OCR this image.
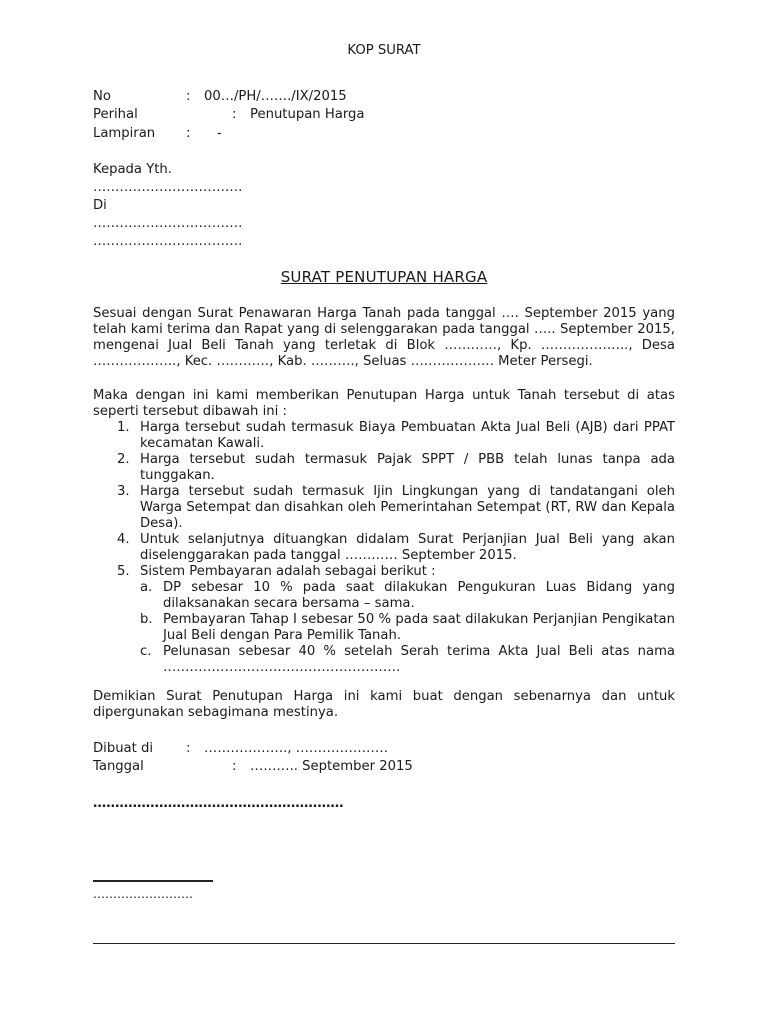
KOP SURAT
No	: 00…/PH/……./IX/2015
Perihal	: Penutupan Harga
Lampiran : -
Kepada Yth.
…………………………….
Di
…………………………….
…………………………….
SURAT PENUTUPAN HARGA
Sesuai dengan Surat Penawaran Harga Tanah pada tanggal …. September 2015 yang telah kami terima dan Rapat yang di selenggarakan pada tanggal ….. September 2015, mengenai Jual Beli Tanah yang terletak di Blok …………, Kp. ……………….., Desa ………………., Kec. …………, Kab. ………., Seluas ………………. Meter Persegi.
Maka dengan ini kami memberikan Penutupan Harga untuk Tanah tersebut di atas seperti tersebut dibawah ini :
1. Harga tersebut sudah termasuk Biaya Pembuatan Akta Jual Beli (AJB) dari PPAT kecamatan Kawali.
2. Harga tersebut sudah termasuk Pajak SPPT / PBB telah lunas tanpa ada tunggakan.
3. Harga tersebut sudah termasuk Ijin Lingkungan yang di tandatangani oleh Warga Setempat dan disahkan oleh Pemerintahan Setempat (RT, RW dan Kepala Desa).
4. Untuk selanjutnya dituangkan didalam Surat Perjanjian Jual Beli yang akan diselenggarakan pada tanggal ………… September 2015.
5. Sistem Pembayaran adalah sebagai berikut :
a. DP sebesar 10 % pada saat dilakukan Pengukuran Luas Bidang yang dilaksanakan secara bersama – sama.
b. Pembayaran Tahap I sebesar 50 % pada saat dilakukan Perjanjian Pengikatan Jual Beli dengan Para Pemilik Tanah.
c. Pelunasan sebesar 40 % setelah Serah terima Akta Jual Beli atas nama ………………………………………………
Demikian Surat Penutupan Harga ini kami buat dengan sebenarnya dan untuk dipergunakan sebagimana mestinya.
Dibuat di : ………………., …………………
Tanggal	: ……….. September 2015
…………………………………………………
…………………….
